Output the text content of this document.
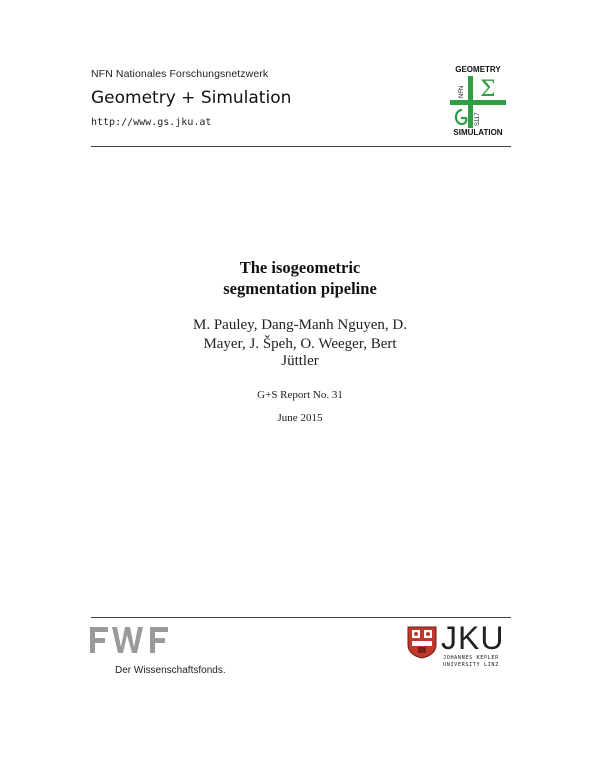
NFN Nationales Forschungsnetzwerk
Geometry + Simulation
http://www.gs.jku.at
GEOMETRY
Σ
NFN
S117
SIMULATION
The isogeometric
segmentation pipeline
M. Pauley, Dang-Manh Nguyen, D.
Mayer, J. Špeh, O. Weeger, Bert
Jüttler
G+S Report No. 31
June 2015
Der Wissenschaftsfonds.
JKU
JOHANNES KEPLER
UNIVERSITY LINZ
